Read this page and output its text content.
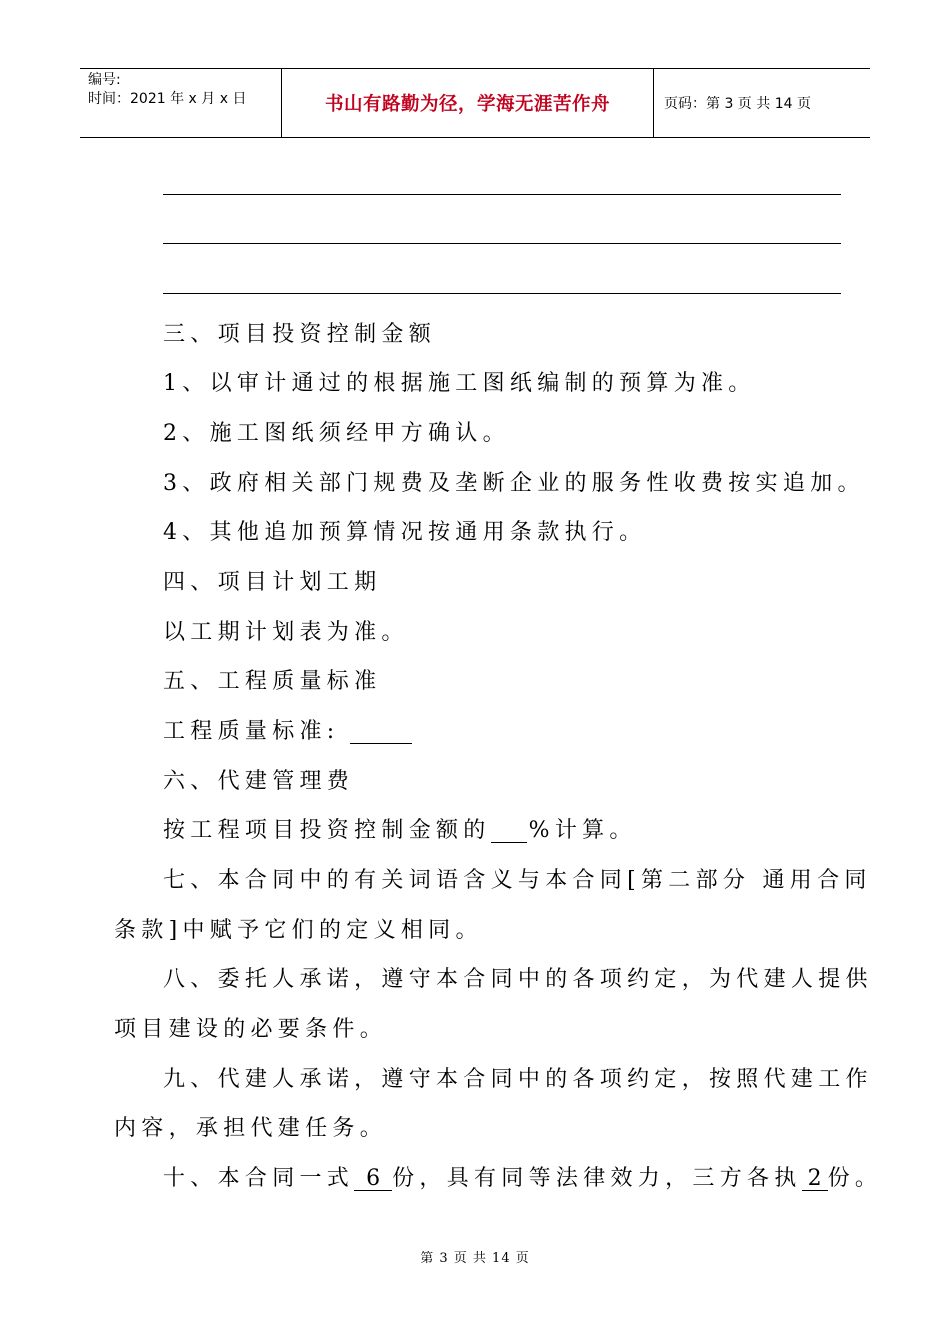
编号:
时间：2021 年 x 月 x 日	书山有路勤为径，学海无涯苦作舟	页码：第 3 页 共 14 页
三、项目投资控制金额
1、以审计通过的根据施工图纸编制的预算为准。
2、施工图纸须经甲方确认。
3、政府相关部门规费及垄断企业的服务性收费按实追加。
4、其他追加预算情况按通用条款执行。
四、项目计划工期
以工期计划表为准。
五、工程质量标准
工程质量标准:
六、代建管理费
按工程项目投资控制金额的 %计算。
七、本合同中的有关词语含义与本合同[第二部分 通用合同
条款]中赋予它们的定义相同。
八、委托人承诺，遵守本合同中的各项约定，为代建人提供
项目建设的必要条件。
九、代建人承诺，遵守本合同中的各项约定，按照代建工作
内容，承担代建任务。
十、本合同一式 6 份，具有同等法律效力，三方各执 2 份。
第 3 页 共 14 页
